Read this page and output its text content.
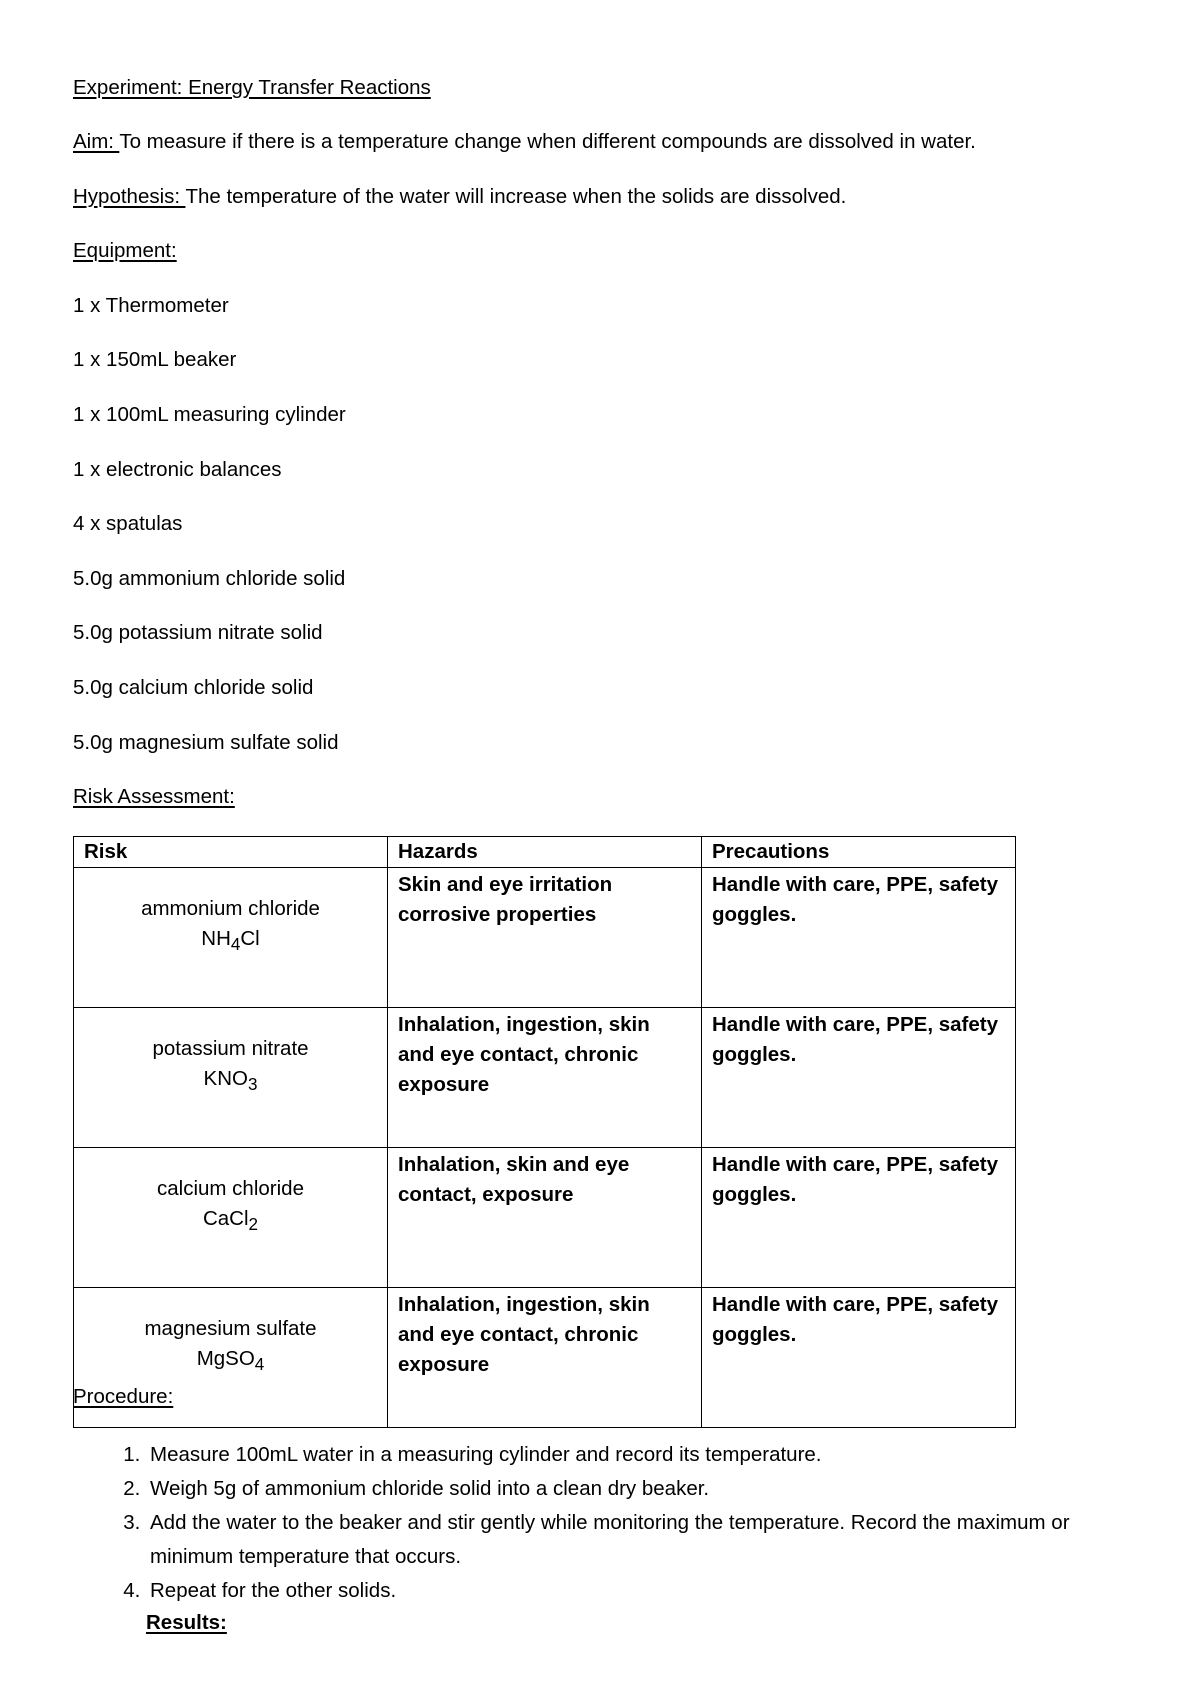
Experiment: Energy Transfer Reactions
Aim: To measure if there is a temperature change when different compounds are dissolved in water.
Hypothesis: The temperature of the water will increase when the solids are dissolved.
Equipment:
1 x Thermometer
1 x 150mL beaker
1 x 100mL measuring cylinder
1 x electronic balances
4 x spatulas
5.0g ammonium chloride solid
5.0g potassium nitrate solid
5.0g calcium chloride solid
5.0g magnesium sulfate solid
Risk Assessment:
Risk	Hazards	Precautions

ammonium chloride
$NH_4Cl$	Skin and eye irritation corrosive properties	Handle with care, PPE, safety goggles.

potassium nitrate
$KNO_3$	Inhalation, ingestion, skin and eye contact, chronic exposure	Handle with care, PPE, safety goggles.

calcium chloride
CaCl$_2$	Inhalation, skin and eye contact, exposure	Handle with care, PPE, safety goggles.

magnesium sulfate
MgSO$_4$	Inhalation, ingestion, skin and eye contact, chronic exposure	Handle with care, PPE, safety goggles.
Procedure:
1. Measure 100mL water in a measuring cylinder and record its temperature.
2. Weigh 5g of ammonium chloride solid into a clean dry beaker.
3. Add the water to the beaker and stir gently while monitoring the temperature. Record the maximum or minimum temperature that occurs.
4. Repeat for the other solids.
Results:
